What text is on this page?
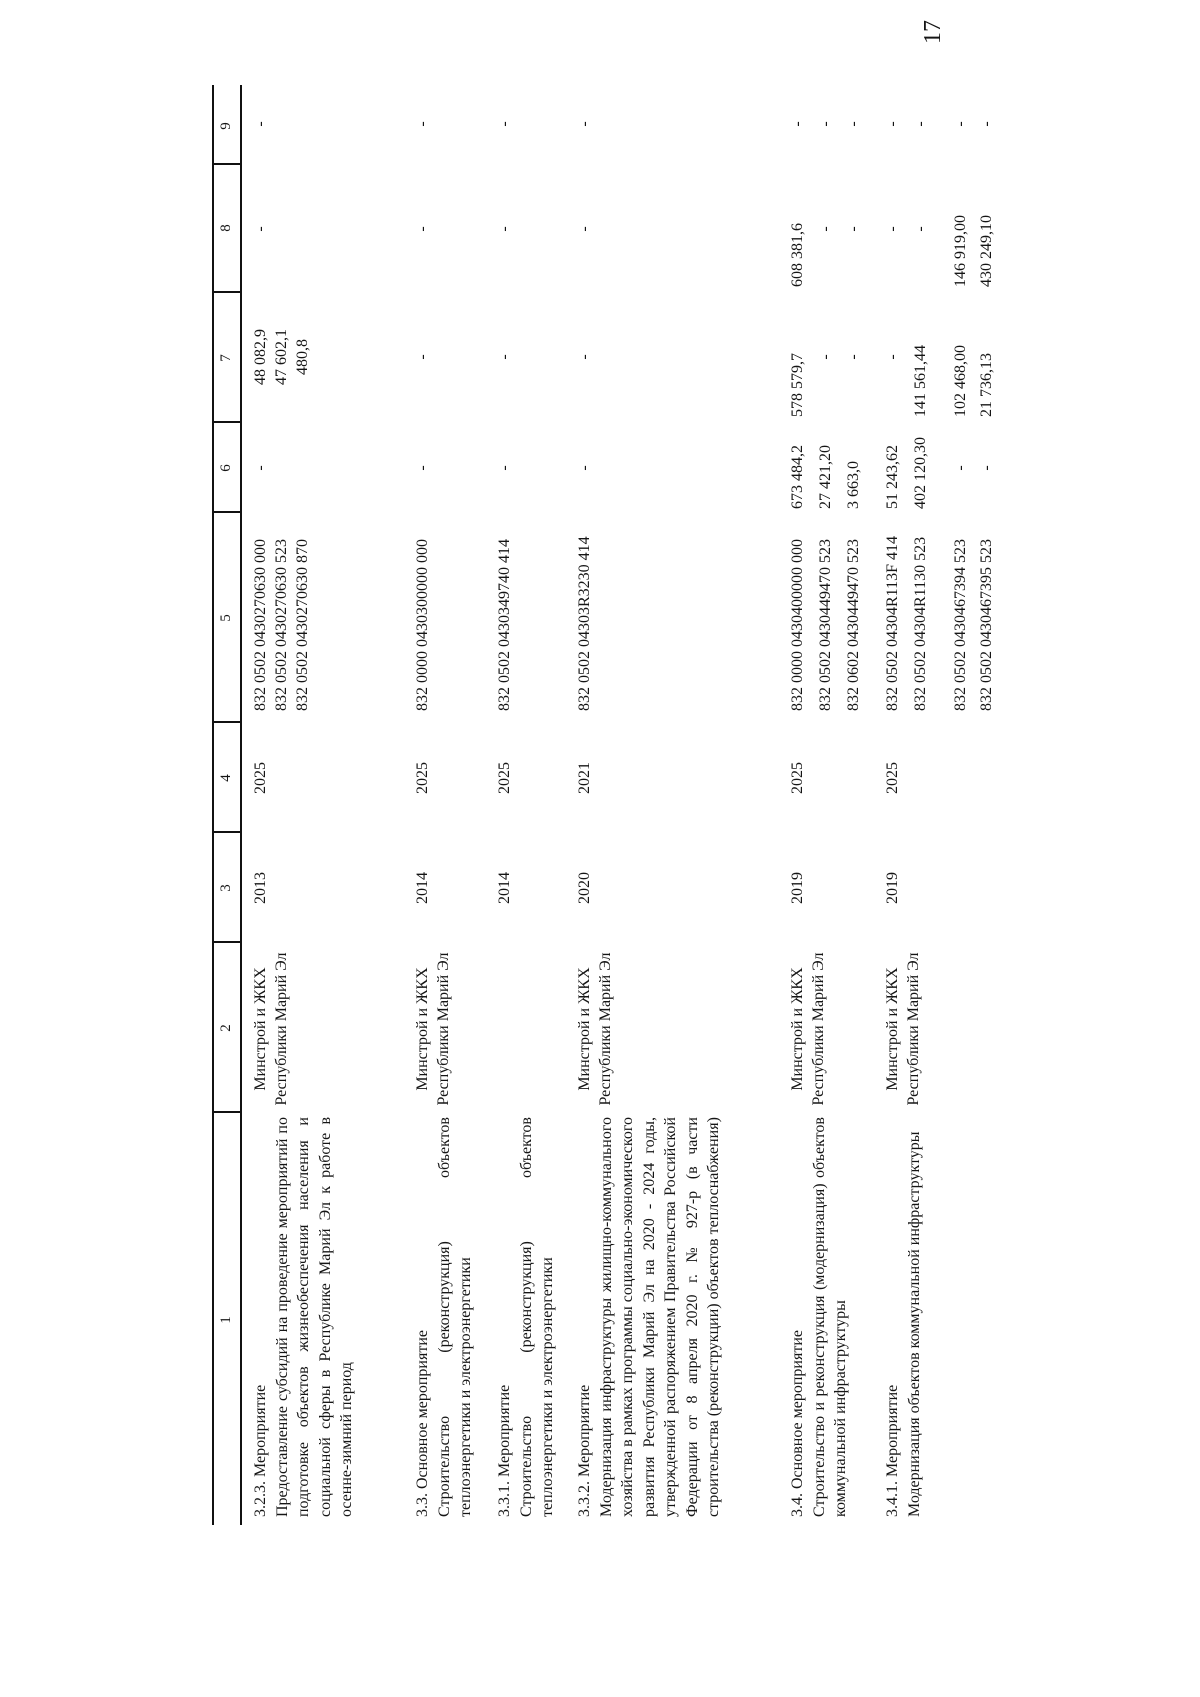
17
1
2
3
4
5
6
7
8
9
3.2.3. Мероприятие Предоставление субсидий на проведение мероприятий по подготовке объектов жизнеобеспечения населения и социальной сферы в Республике Марий Эл к работе в осенне-зимний период
Минстрой и ЖКХ Республики Марий Эл
2013
2025
832 0502 0430270630 000 832 0502 0430270630 523 832 0502 0430270630 870
-
48 082,9 47 602,1 480,8
-
-
3.3. Основное мероприятие Строительство (реконструкция) объектов теплоэнергетики и электроэнергетики
Минстрой и ЖКХ Республики Марий Эл
2014
2025
832 0000 0430300000 000
-
-
-
-
3.3.1. Мероприятие Строительство (реконструкция) объектов теплоэнергетики и электроэнергетики
2014
2025
832 0502 0430349740 414
-
-
-
-
3.3.2. Мероприятие Модернизация инфраструктуры жилищно-коммунального хозяйства в рамках программы социально-экономического развития Республики Марий Эл на 2020 - 2024 годы, утвержденной распоряжением Правительства Российской Федерации от 8 апреля 2020 г. № 927-р (в части строительства (реконструкции) объектов теплоснабжения)
Минстрой и ЖКХ Республики Марий Эл
2020
2021
832 0502 04303R3230 414
-
-
-
-
3.4. Основное мероприятие Строительство и реконструкция (модернизация) объектов коммунальной инфраструктуры
Минстрой и ЖКХ Республики Марий Эл
2019
2025
832 0000 0430400000 000 832 0502 0430449470 523 832 0602 0430449470 523
673 484,2 27 421,20 3 663,0
578 579,7 - -
608 381,6 - -
- - -
3.4.1. Мероприятие Модернизация объектов коммунальной инфраструктуры
Минстрой и ЖКХ Республики Марий Эл
2019
2025
832 0502 04304R113F 414 832 0502 04304R1130 523 832 0502 0430467394 523 832 0502 0430467395 523
51 243,62 402 120,30 - -
- 141 561,44 102 468,00 21 736,13
- - 146 919,00 430 249,10
- - - -
